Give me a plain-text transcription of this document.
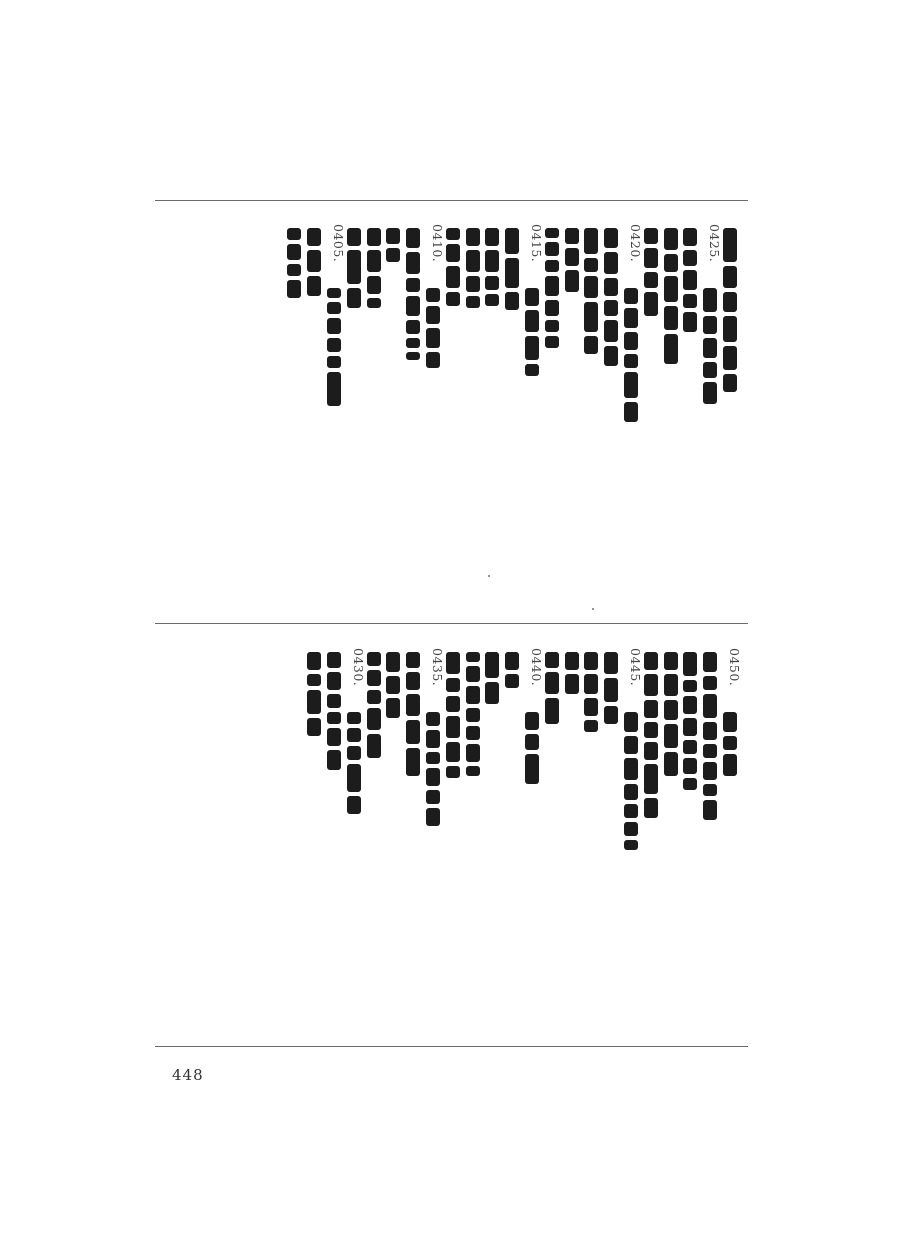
0425.
0420.
0415.
0410.
0405.
0450.
0445.
0440.
0435.
0430.
448
